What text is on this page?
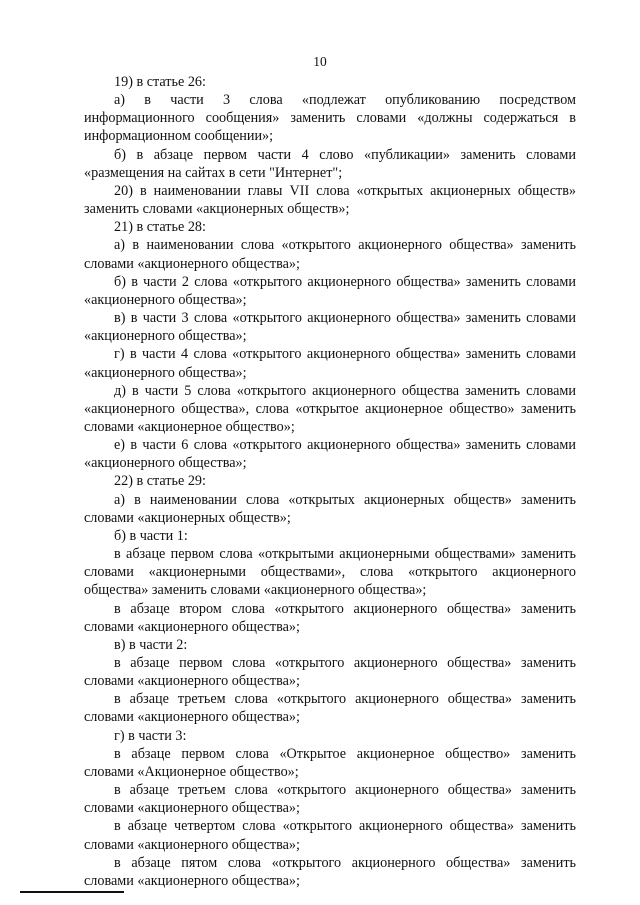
10

19) в статье 26:

а) в части 3 слова «подлежат опубликованию посредством информационного сообщения» заменить словами «должны содержаться в информационном сообщении»;

б) в абзаце первом части 4 слово «публикации» заменить словами «размещения на сайтах в сети "Интернет";

20) в наименовании главы VII слова «открытых акционерных обществ» заменить словами «акционерных обществ»;

21) в статье 28:

а) в наименовании слова «открытого акционерного общества» заменить словами «акционерного общества»;

б) в части 2 слова «открытого акционерного общества» заменить словами «акционерного общества»;

в) в части 3 слова «открытого акционерного общества» заменить словами «акционерного общества»;

г) в части 4 слова «открытого акционерного общества» заменить словами «акционерного общества»;

д) в части 5 слова «открытого акционерного общества заменить словами «акционерного общества», слова «открытое акционерное общество» заменить словами «акционерное общество»;

е) в части 6 слова «открытого акционерного общества» заменить словами «акционерного общества»;

22) в статье 29:

а) в наименовании слова «открытых акционерных обществ» заменить словами «акционерных обществ»;

б) в части 1:

в абзаце первом слова «открытыми акционерными обществами» заменить словами «акционерными обществами», слова «открытого акционерного общества» заменить словами «акционерного общества»;

в абзаце втором слова «открытого акционерного общества» заменить словами «акционерного общества»;

в) в части 2:

в абзаце первом слова «открытого акционерного общества» заменить словами «акционерного общества»;

в абзаце третьем слова «открытого акционерного общества» заменить словами «акционерного общества»;

г) в части 3:

в абзаце первом слова «Открытое акционерное общество» заменить словами «Акционерное общество»;

в абзаце третьем слова «открытого акционерного общества» заменить словами «акционерного общества»;

в абзаце четвертом слова «открытого акционерного общества» заменить словами «акционерного общества»;

в абзаце пятом слова «открытого акционерного общества» заменить словами «акционерного общества»;
